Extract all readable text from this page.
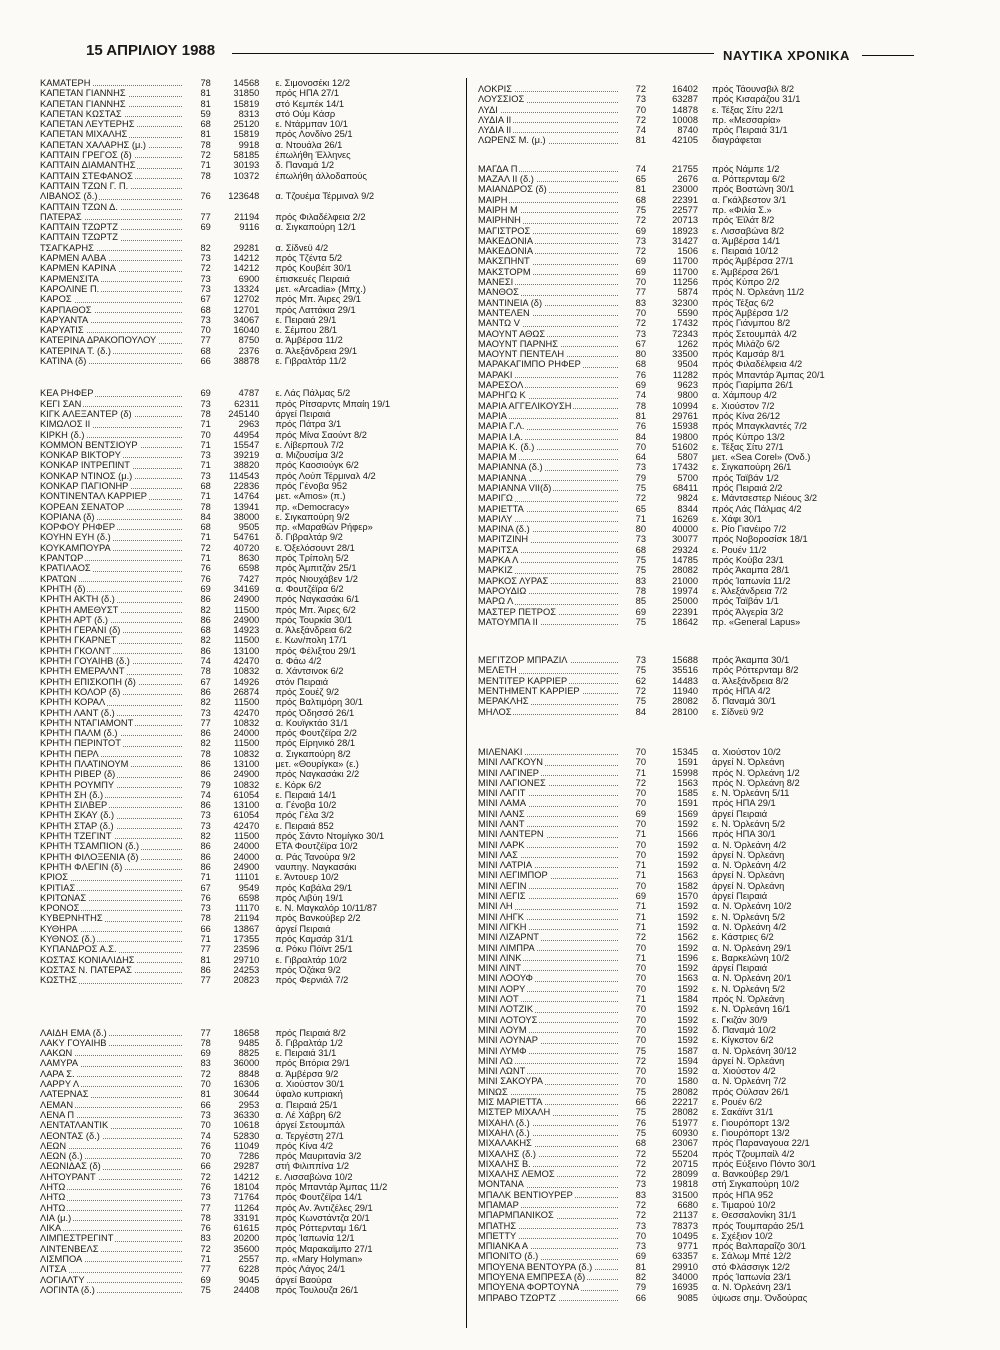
15 ΑΠΡΙΛΙΟΥ 1988	ΝΑΥΤΙΚΑ ΧΡΟΝΙΚΑ
ΚΑΜΑΤΕΡΗ	78	14568	ε. Σιμονοσέκι 12/2
ΚΑΠΕΤΑΝ ΓΙΑΝΝΗΣ	81	31850	πρός ΗΠΑ 27/1
ΚΑΠΕΤΑΝ ΓΙΑΝΝΗΣ	81	15819	στό Κεμπέκ 14/1
ΚΑΠΕΤΑΝ ΚΩΣΤΑΣ	59	8313	στό Ούμ Κάσρ
ΚΑΠΕΤΑΝ ΛΕΥΤΕΡΗΣ	68	25120	ε. Ντάρμπαν 10/1
ΚΑΠΕΤΑΝ ΜΙΧΑΛΗΣ	81	15819	πρός Λονδίνο 25/1
ΚΑΠΕΤΑΝ ΧΑΛΑΡΗΣ (μ.)	78	9918	α. Ντουάλα 26/1
ΚΑΠΤΑΙΝ ΓΡΕΓΟΣ (δ)	72	58185	έπωλήθη Έλληνες
ΚΑΠΤΑΙΝ ΔΙΑΜΑΝΤΗΣ	71	30193	δ. Παναμά 1/2
ΚΑΠΤΑΙΝ ΣΤΕΦΑΝΟΣ	78	10372	έπωλήθη άλλοδαπούς
ΚΑΠΤΑΙΝ ΤΖΩΝ Γ. Π.
ΛΙΒΑΝΟΣ (δ.)	76	123648	α. Τζουέμα Τέρμιναλ 9/2
ΚΑΠΤΑΙΝ ΤΖΩΝ Δ.
ΠΑΤΕΡΑΣ	77	21194	πρός Φιλαδέλφεια 2/2
ΚΑΠΤΑΙΝ ΤΖΩΡΤΖ	69	9116	α. Σιγκαπούρη 12/1
ΚΑΠΤΑΙΝ ΤΖΩΡΤΖ
ΤΣΑΓΚΑΡΗΣ	82	29281	α. Σίδνεϋ 4/2
ΚΑΡΜΕΝ ΑΛΒΑ	73	14212	πρός Τζέντα 5/2
ΚΑΡΜΕΝ ΚΑΡΙΝΑ	72	14212	πρός Κουβέιτ 30/1
ΚΑΡΜΕΝΣΙΤΑ	73	6900	έπισκευές Πειραιά
ΚΑΡΟΛΙΝΕ Π.	73	13324	μετ. «Arcadia» (Μπχ.)
ΚΑΡΟΣ	67	12702	πρός Μπ. Άιρες 29/1
ΚΑΡΠΑΘΟΣ	68	12701	πρός Λαττάκια 29/1
ΚΑΡΥΑΝΤΑ	73	34067	ε. Πειραιά 29/1
ΚΑΡΥΑΤΙΣ	70	16040	ε. Σέμπου 28/1
ΚΑΤΕΡΙΝΑ ΔΡΑΚΟΠΟΥΛΟΥ	77	8750	α. Άμβέρσα 11/2
ΚΑΤΕΡΙΝΑ Τ. (δ.)	68	2376	α. Άλεξάνδρεια 29/1
ΚΑΤΙΝΑ (δ)	66	38878	ε. Γιβραλτάρ 11/2
ΚΕΑ ΡΗΦΕΡ	69	4787	ε. Λάς Πάλμας 5/2
ΚΕΓΙ ΣΑΝ	73	62311	πρός Ρίτσαρντς Μπαίη 19/1
ΚΙΓΚ ΑΛΕΞΑΝΤΕΡ (δ)	78	245140	άργεί Πειραιά
ΚΙΜΩΛΟΣ ΙΙ	71	2963	πρός Πάτρα 3/1
ΚΙΡΚΗ (δ.)	70	44954	πρός Μίνα Σαούντ 8/2
ΚΟΜΜΟΝ ΒΕΝΤΣΙΟΥΡ	71	15547	ε. Λίβερπουλ 7/2
ΚΟΝΚΑΡ ΒΙΚΤΟΡΥ	73	39219	α. Μιζουσίμα 3/2
ΚΟΝΚΑΡ ΙΝΤΡΕΠΙΝΤ	71	38820	πρός Καοσιούγκ 6/2
ΚΟΝΚΑΡ ΝΤΙΝΟΣ (μ.)	73	114543	πρός Λούπ Τέρμιναλ 4/2
ΚΟΝΚΑΡ ΠΑΓΙΟΝΗΡ	68	22836	πρός Γένοβα 952
ΚΟΝΤΙΝΕΝΤΑΛ ΚΑΡΡΙΕΡ	71	14764	μετ. «Amos» (π.)
ΚΟΡΕΑΝ ΣΕΝΑΤΟΡ	78	13941	πρ. «Democracy»
ΚΟΡΙΑΝΑ (δ)	84	38000	ε. Σιγκαπούρη 9/2
ΚΟΡΦΟΥ ΡΗΦΕΡ	68	9505	πρ. «Μαραθών Ρήφερ»
ΚΟΥΗΝ ΕΥΗ (δ.)	71	54761	δ. Γιβραλτάρ 9/2
ΚΟΥΚΑΜΠΟΥΡΑ	72	40720	ε. Όξελόσουντ 28/1
ΚΡΑΝΤΩΡ	71	8630	πρός Τρίπολη 5/2
ΚΡΑΤΙΛΑΟΣ	76	6598	πρός Άμπιτζάν 25/1
ΚΡΑΤΩΝ	76	7427	πρός Νιουχάβεν 1/2
ΚΡΗΤΗ (δ)	69	34169	α. Φουτζέϊρα 6/2
ΚΡΗΤΗ ΑΚΤΗ (δ.)	86	24900	πρός Ναγκασάκι 6/1
ΚΡΗΤΗ ΑΜΕΘΥΣΤ	82	11500	πρός Μπ. Άιρες 6/2
ΚΡΗΤΗ ΑΡΤ (δ.)	86	24900	πρός Τουρκία 30/1
ΚΡΗΤΗ ΓΕΡΑΝΙ (δ)	68	14923	α. Άλεξάνδρεια 6/2
ΚΡΗΤΗ ΓΚΑΡΝΕΤ	82	11500	ε. Κων/πολη 17/1
ΚΡΗΤΗ ΓΚΟΛΝΤ	86	13100	πρός Φέλιξτου 29/1
ΚΡΗΤΗ ΓΟΥΑΙΗΒ (δ.)	74	42470	α. Φάω 4/2
ΚΡΗΤΗ ΕΜΕΡΑΛΝΤ	78	10832	α. Χάντσινοκ 6/2
ΚΡΗΤΗ ΕΠΙΣΚΟΠΗ (δ)	67	14926	στόν Πειραιά
ΚΡΗΤΗ ΚΟΛΟΡ (δ)	86	26874	πρός Σουέζ 9/2
ΚΡΗΤΗ ΚΟΡΑΛ	82	11500	πρός Βαλτιμόρη 30/1
ΚΡΗΤΗ ΛΑΝΤ (δ.)	73	42470	πρός Όδησσό 26/1
ΚΡΗΤΗ ΝΤΑΓΙΑΜΟΝΤ	77	10832	α. Κουϊγκτάο 31/1
ΚΡΗΤΗ ΠΑΛΜ (δ.)	86	24000	πρός Φουτζέϊρα 2/2
ΚΡΗΤΗ ΠΕΡΙΝΤΟΤ	82	11500	πρός Είρηνικό 28/1
ΚΡΗΤΗ ΠΕΡΛ	78	10832	α. Σιγκαπούρη 8/2
ΚΡΗΤΗ ΠΛΑΤΙΝΟΥΜ	86	13100	μετ. «Θουρίγκα» (ε.)
ΚΡΗΤΗ ΡΙΒΕΡ (δ)	86	24900	πρός Ναγκασάκι 2/2
ΚΡΗΤΗ ΡΟΥΜΠΥ	79	10832	ε. Κόρκ 6/2
ΚΡΗΤΗ ΣΗ (δ.)	74	61054	ε. Πειραιά 14/1
ΚΡΗΤΗ ΣΙΛΒΕΡ	86	13100	α. Γένοβα 10/2
ΚΡΗΤΗ ΣΚΑΥ (δ.)	73	61054	πρός Γέλα 3/2
ΚΡΗΤΗ ΣΤΑΡ (δ.)	73	42470	ε. Πειραιά 852
ΚΡΗΤΗ ΤΖΕΓΙΝΤ	82	11500	πρός Σάντο Ντομίγκο 30/1
ΚΡΗΤΗ ΤΣΑΜΠΙΟΝ (δ.)	86	24000	ΕΤΑ Φουτζέϊρα 10/2
ΚΡΗΤΗ ΦΙΛΟΞΕΝΙΑ (δ)	86	24000	α. Ράς Τανούρα 9/2
ΚΡΗΤΗ ΦΛΕΓΙΝ (δ)	86	24900	ναυπηγ. Ναγκασάκι
ΚΡΙΟΣ	71	11101	ε. Άντουερ 10/2
ΚΡΙΤΙΑΣ	67	9549	πρός Καβάλα 29/1
ΚΡΙΤΩΝΑΣ	76	6598	πρός Λιβύη 19/1
ΚΡΟΝΟΣ	73	11170	ε. Ν. Μαγκαλόρ 10/11/87
ΚΥΒΕΡΝΗΤΗΣ	78	21194	πρός Βανκούβερ 2/2
ΚΥΘΗΡΑ	66	13867	άργεί Πειραιά
ΚΥΘΝΟΣ (δ.)	71	17355	πρός Καμσάρ 31/1
ΚΥΠΑΝΔΡΟΣ Α.Σ.	77	23596	α. Ρόκυ Πόϊντ 25/1
ΚΩΣΤΑΣ ΚΟΝΙΑΛΙΔΗΣ	81	29710	ε. Γιβραλτάρ 10/2
ΚΩΣΤΑΣ Ν. ΠΑΤΕΡΑΣ	86	24253	πρός Όζάκα 9/2
ΚΩΣΤΗΣ	77	20823	πρός Φερνιάλ 7/2
ΛΑΙΔΗ ΕΜΑ (δ.)	77	18658	πρός Πειραιά 8/2
ΛΑΚΥ ΓΟΥΑΙΗΒ	78	9485	δ. Γιβραλτάρ 1/2
ΛΑΚΩΝ	69	8825	ε. Πειραιά 31/1
ΛΑΜΥΡΑ	83	36000	πρός Βιτόρια 29/1
ΛΑΡΑ Σ.	72	8848	α. Άμβέρσα 9/2
ΛΑΡΡΥ Λ	70	16306	α. Χιούστον 30/1
ΛΑΤΕΡΝΑΣ	81	30644	ύφαλο κυπριακή
ΛΕΜΑΝ	66	2953	α. Πειραιά 25/1
ΛΕΝΑ Π	73	36330	α. Λέ Χάβρη 6/2
ΛΕΝΤΑΤΛΑΝΤΙΚ	70	10618	άργεί Σετουμπάλ
ΛΕΟΝΤΑΣ (δ.)	74	52830	α. Τεργέστη 27/1
ΛΕΩΝ	76	11049	πρός Κίνα 4/2
ΛΕΩΝ (δ.)	70	7286	πρός Μαυριτανία 3/2
ΛΕΩΝΙΔΑΣ (δ)	66	29287	στή Φιλιππίνα 1/2
ΛΗΤΟΥΡΑΝΤ	72	14212	ε. Λισσαβώνα 10/2
ΛΗΤΩ	76	18104	πρός Μπαντάρ Άμπας 11/2
ΛΗΤΩ	73	71764	πρός Φουτζέϊρα 14/1
ΛΗΤΩ	77	11264	πρός Αν. Άντιζέλες 29/1
ΛΙΑ (μ.)	78	33191	πρός Κωνστάντζα 20/1
ΛΙΚΑ	76	61615	πρός Ρόττερνταμ 16/1
ΛΙΜΠΕΣΤΡΕΓΙΝΤ	83	20200	πρός Ίαπωνία 12/1
ΛΙΝΤΕΝΒΕΛΣ	72	35600	πρός Μαρακαϊμπο 27/1
ΛΙΣΜΠΟΑ	71	2557	πρ. «Mary Holyman»
ΛΙΤΣΑ	77	6228	πρός Λάγος 24/1
ΛΟΓΙΑΛΤΥ	69	9045	άργεί Βαούρα
ΛΟΓΙΝΤΑ (δ.)	75	24408	πρός Τουλουζα 26/1
ΛΟΚΡΙΣ	72	16402	πρός Τάουνσβιλ 8/2
ΛΟΥΣΣΙΟΣ	73	63287	πρός Κισαράζου 31/1
ΛΥΔΙ	70	14878	ε. Τέξας Σίτυ 22/1
ΛΥΔΙΑ ΙΙ	72	10008	πρ. «Μεσσαρία»
ΛΥΔΙΑ ΙΙ	74	8740	πρός Πειραιά 31/1
ΛΩΡΕΝΣ Μ. (μ.)	81	42105	διαγράφεται
ΜΑΓΔΑ Π	74	21755	πρός Νάμπε 1/2
ΜΑΖΑΛ ΙΙ (δ.)	65	2676	α. Ρόττερνταμ 6/2
ΜΑΙΑΝΔΡΟΣ (δ)	81	23000	πρός Βοστώνη 30/1
ΜΑΙΡΗ	68	22391	α. Γκάλβεστον 3/1
ΜΑΙΡΗ Μ	75	22577	πρ. «Φιλία Σ.»
ΜΑΙΡΗΝΗ	72	20713	πρός Έϊλάτ 8/2
ΜΑΓΙΣΤΡΟΣ	69	18923	ε. Λισσαβώνα 8/2
ΜΑΚΕΔΟΝΙΑ	73	31427	α. Άμβέρσα 14/1
ΜΑΚΕΔΟΝΙΑ	72	1506	ε. Πειραιά 10/12
ΜΑΚΣΠΗΝΤ	69	11700	πρός Άμβέρσα 27/1
ΜΑΚΣΤΟΡΜ	69	11700	ε. Άμβέρσα 26/1
ΜΑΝΕΣΙ	70	11256	πρός Κύπρο 2/2
ΜΑΝΘΟΣ	77	5874	πρός Ν. Όρλεάνη 11/2
ΜΑΝΤΙΝΕΙΑ (δ)	83	32300	πρός Τέξας 6/2
ΜΑΝΤΕΛΕΝ	70	5590	πρός Άμβέρσα 1/2
ΜΑΝΤΩ V	72	17432	πρός Γιάνμπου 8/2
ΜΑΟΥΝΤ ΑΘΩΣ	73	72343	πρός Σετουμπάλ 4/2
ΜΑΟΥΝΤ ΠΑΡΝΗΣ	67	1262	πρός Μιλάζο 6/2
ΜΑΟΥΝΤ ΠΕΝΤΕΛΗ	80	33500	πρός Καμσάρ 8/1
ΜΑΡΑΚΑΓΙΜΠΟ ΡΗΦΕΡ	68	9504	πρός Φιλαδέλφεια 4/2
ΜΑΡΑΚΙ	76	11282	πρός Μπαντάρ Άμπας 20/1
ΜΑΡΕΣΟΛ	69	9623	πρός Γιαρίμπα 26/1
ΜΑΡΗΓΩ Κ	74	9800	α. Χάμπουρ 4/2
ΜΑΡΙΑ ΑΓΓΕΛΙΚΟΥΣΗ	78	10994	ε. Χιούστον 7/2
ΜΑΡΙΑ	81	29761	πρός Κίνα 26/12
ΜΑΡΙΑ Γ.Λ.	76	15938	πρός Μπαγκλαντές 7/2
ΜΑΡΙΑ Ι.Α.	84	19800	πρός Κύπρο 13/2
ΜΑΡΙΑ Κ. (δ.)	70	51602	ε. Τέξας Σίτυ 27/1
ΜΑΡΙΑ Μ	64	5807	μετ. «Sea Corel» (Όνδ.)
ΜΑΡΙΑΝΝΑ (δ.)	73	17432	ε. Σιγκαπούρη 26/1
ΜΑΡΙΑΝΝΑ	79	5700	πρός Ταϊβάν 1/2
ΜΑΡΙΑΝΝΑ VII(δ)	75	68411	πρός Πειραιά 2/2
ΜΑΡΙΓΩ	72	9824	ε. Μάντσεστερ Νιέους 3/2
ΜΑΡΙΕΤΤΑ	65	8344	πρός Λάς Πάλμας 4/2
ΜΑΡΙΛΥ	71	16269	ε. Χάφι 30/1
ΜΑΡΙΝΑ (δ.)	80	40000	ε. Ρίο Γιανέιρο 7/2
ΜΑΡΙΤΖΙΝΗ	73	30077	πρός Νοβοροσίσκ 18/1
ΜΑΡΙΤΣΑ	68	29324	ε. Ρουέν 11/2
ΜΑΡΚΑ Λ	75	14785	πρός Κούβα 23/1
ΜΑΡΚΙΖ	75	28082	πρός Άκαμπα 28/1
ΜΑΡΚΟΣ ΛΥΡΑΣ	83	21000	πρός Ίαπωνία 11/2
ΜΑΡΟΥΔΙΩ	78	19974	ε. Άλεξάνδρεια 7/2
ΜΑΡΩ Λ	85	25000	πρός Ταϊβάν 1/1
ΜΑΣΤΕΡ ΠΕΤΡΟΣ	69	22391	πρός Άλγερία 3/2
ΜΑΤΟΥΜΠΑ ΙΙ	75	18642	πρ. «General Lapus»
ΜΕΓΙΤΖΟΡ ΜΠΡΑΖΙΛ	73	15688	πρός Άκαμπα 30/1
ΜΕΛΕΤΗ	75	35516	πρός Ρόττερνταμ 8/2
ΜΕΝΤΙΤΕΡ ΚΑΡΡΙΕΡ	62	14483	α. Άλεξάνδρεια 8/2
ΜΕΝΤΗΜΕΝΤ ΚΑΡΡΙΕΡ	72	11940	πρός ΗΠΑ 4/2
ΜΕΡΑΚΛΗΣ	75	28082	δ. Παναμά 30/1
ΜΗΛΟΣ	84	28100	ε. Σίδνεϋ 9/2
ΜΙΛΕΝΑΚΙ	70	15345	α. Χιούστον 10/2
ΜΙΝΙ ΛΑΓΚΟΥΝ	70	1591	άργεί Ν. Όρλεάνη
ΜΙΝΙ ΛΑΓΙΝΕΡ	71	15998	πρός Ν. Όρλεάνη 1/2
ΜΙΝΙ ΛΑΓΙΟΝΕΣ	72	1563	πρός Ν. Όρλεάνη 8/2
ΜΙΝΙ ΛΑΓΙΤ	70	1585	ε. Ν. Όρλεάνη 5/11
ΜΙΝΙ ΛΑΜΑ	70	1591	πρός ΗΠΑ 29/1
ΜΙΝΙ ΛΑΝΣ	69	1569	άργεί Πειραιά
ΜΙΝΙ ΛΑΝΤ	70	1592	ε. Ν. Όρλεάνη 5/2
ΜΙΝΙ ΛΑΝΤΕΡΝ	71	1566	πρός ΗΠΑ 30/1
ΜΙΝΙ ΛΑΡΚ	70	1592	α. Ν. Όρλεάνη 4/2
ΜΙΝΙ ΛΑΣ	70	1592	άργεί Ν. Όρλεάνη
ΜΙΝΙ ΛΑΤΡΙΑ	71	1592	α. Ν. Όρλεάνη 4/2
ΜΙΝΙ ΛΕΓΙΜΠΟΡ	71	1563	άργεί Ν. Όρλεάνη
ΜΙΝΙ ΛΕΓΙΝ	70	1582	άργεί Ν. Όρλεάνη
ΜΙΝΙ ΛΕΓΙΣ	69	1570	άργεί Πειραιά
ΜΙΝΙ ΛΗ	71	1592	α. Ν. Όρλεάνη 10/2
ΜΙΝΙ ΛΗΓΚ	71	1592	ε. Ν. Όρλεάνη 5/2
ΜΙΝΙ ΛΙΓΚΗ	71	1592	α. Ν. Όρλεάνη 4/2
ΜΙΝΙ ΛΙΖΑΡΝΤ	72	1562	ε. Κάστριες 6/2
ΜΙΝΙ ΛΙΜΠΡΑ	70	1592	α. Ν. Όρλεάνη 29/1
ΜΙΝΙ ΛΙΝΚ	71	1596	ε. Βαρκελώνη 10/2
ΜΙΝΙ ΛΙΝΤ	70	1592	άργεί Πειραιά
ΜΙΝΙ ΛΟΟΥΦ	70	1563	α. Ν. Όρλεάνη 20/1
ΜΙΝΙ ΛΟΡΥ	70	1592	ε. Ν. Όρλεάνη 5/2
ΜΙΝΙ ΛΟΤ	71	1584	πρός Ν. Όρλεάνη
ΜΙΝΙ ΛΟΤΖΙΚ	70	1592	ε. Ν. Όρλεάνη 16/1
ΜΙΝΙ ΛΟΤΟΥΣ	70	1592	ε. Γκιζάν 30/9
ΜΙΝΙ ΛΟΥΜ	70	1592	δ. Παναμά 10/2
ΜΙΝΙ ΛΟΥΝΑΡ	70	1592	ε. Κίγκστον 6/2
ΜΙΝΙ ΛΥΜΦ	75	1587	α. Ν. Όρλεάνη 30/12
ΜΙΝΙ ΛΩ	72	1594	άργεί Ν. Όρλεάνη
ΜΙΝΙ ΛΩΝΤ	70	1592	α. Χιούστον 4/2
ΜΙΝΙ ΣΑΚΟΥΡΑ	70	1580	α. Ν. Όρλεάνη 7/2
ΜΙΝΩΣ	75	28082	πρός Ούλσαν 26/1
ΜΙΣ ΜΑΡΙΕΤΤΑ	66	22217	ε. Ρουέν 6/2
ΜΙΣΤΕΡ ΜΙΧΑΛΗ	75	28082	ε. Σακάϊντ 31/1
ΜΙΧΑΗΛ (δ.)	76	51977	ε. Γιουρόπορτ 13/2
ΜΙΧΑΗΛ (δ.)	75	60930	ε. Γιουρόπορτ 13/2
ΜΙΧΑΛΑΚΗΣ	68	23067	πρός Παραναγουα 22/1
ΜΙΧΑΛΗΣ (δ.)	72	55204	πρός Τζουμπαίλ 4/2
ΜΙΧΑΛΗΣ Β.	72	20715	πρός Εύξεινο Πόντο 30/1
ΜΙΧΑΛΗΣ ΛΕΜΟΣ	72	28099	α. Βανκούβερ 29/1
ΜΟΝΤΑΝΑ	73	19818	στή Σιγκαπούρη 10/2
ΜΠΑΛΚ ΒΕΝΤΙΟΥΡΕΡ	83	31500	πρός ΗΠΑ 952
ΜΠΑΜΑΡ	72	6680	ε. Τιμαρού 10/2
ΜΠΑΡΜΠΑΝΙΚΟΣ	72	21137	ε. Θεσσαλονίκη 31/1
ΜΠΑΤΗΣ	73	78373	πρός Τουμπαράο 25/1
ΜΠΕΤΤΥ	70	10495	ε. Σχέξιον 10/2
ΜΠΙΑΝΚΑ Α	73	9771	πρός Βαλπαραΐζο 30/1
ΜΠΟΝΙΤΟ (δ.)	69	63357	ε. Σάλωμ Μπέ 12/2
ΜΠΟΥΕΝΑ ΒΕΝΤΟΥΡΑ (δ.)	81	29910	στό Φλάσσιγκ 12/2
ΜΠΟΥΕΝΑ ΕΜΠΡΕΣΑ (δ)	82	34000	πρός Ίαπωνία 23/1
ΜΠΟΥΕΝΑ ΦΟΡΤΟΥΝΑ	79	16935	α. Ν. Όρλεάνη 23/1
ΜΠΡΑΒΟ ΤΖΩΡΤΖ	66	9085	ύψωσε σημ. Όνδούρας
